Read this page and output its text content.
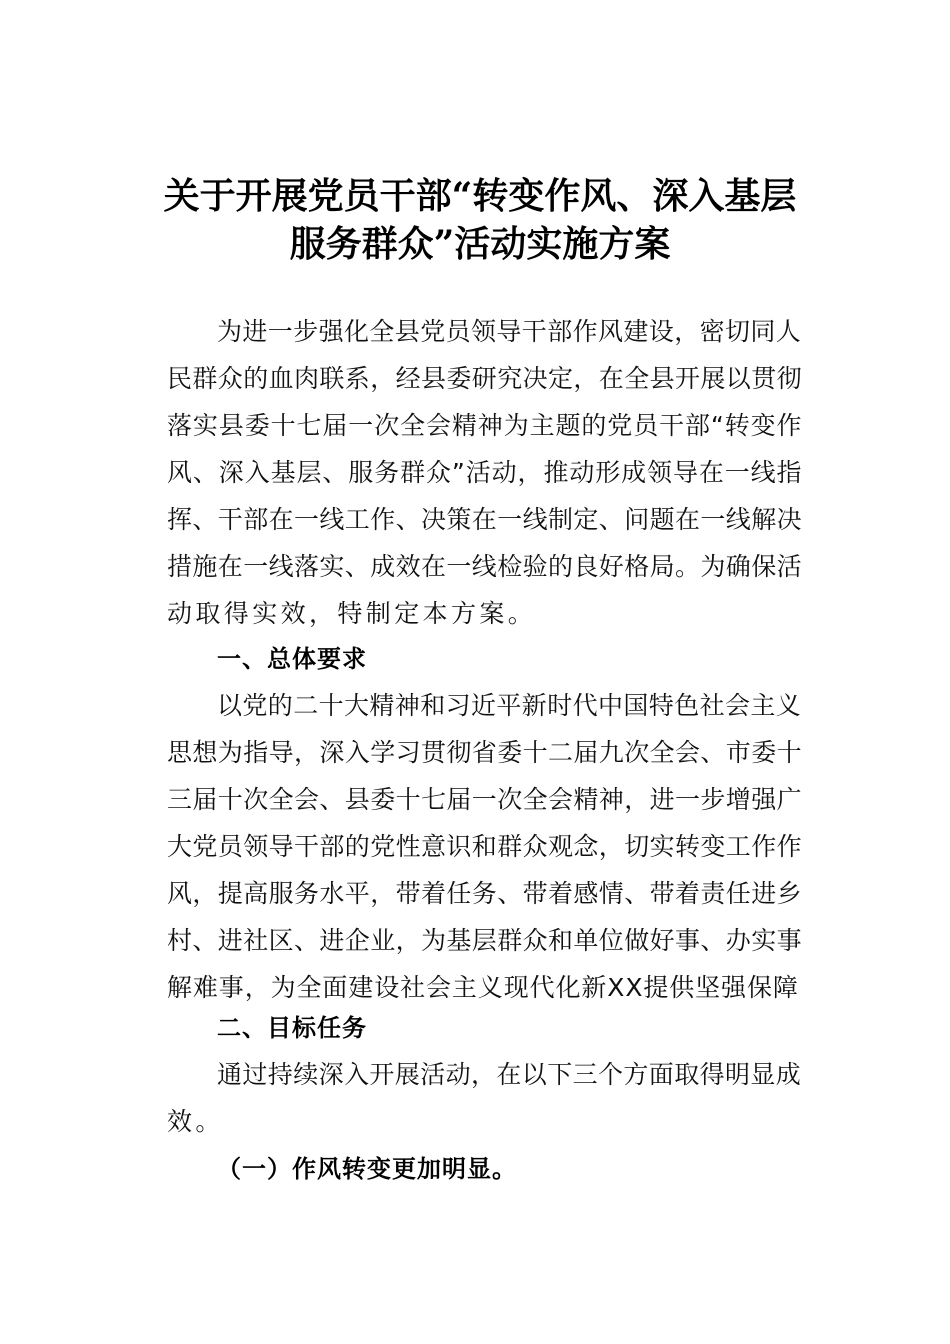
关于开展党员干部“转变作风、深入基层
服务群众”活动实施方案
为进一步强化全县党员领导干部作风建设，密切同人
民群众的血肉联系，经县委研究决定，在全县开展以贯彻
落实县委十七届一次全会精神为主题的党员干部“转变作
风、深入基层、服务群众”活动，推动形成领导在一线指
挥、干部在一线工作、决策在一线制定、问题在一线解决
措施在一线落实、成效在一线检验的良好格局。为确保活
动取得实效，特制定本方案。
一、总体要求
以党的二十大精神和习近平新时代中国特色社会主义
思想为指导，深入学习贯彻省委十二届九次全会、市委十
三届十次全会、县委十七届一次全会精神，进一步增强广
大党员领导干部的党性意识和群众观念，切实转变工作作
风，提高服务水平，带着任务、带着感情、带着责任进乡
村、进社区、进企业，为基层群众和单位做好事、办实事
解难事，为全面建设社会主义现代化新XX提供坚强保障
二、目标任务
通过持续深入开展活动，在以下三个方面取得明显成
效。
（一）作风转变更加明显。
